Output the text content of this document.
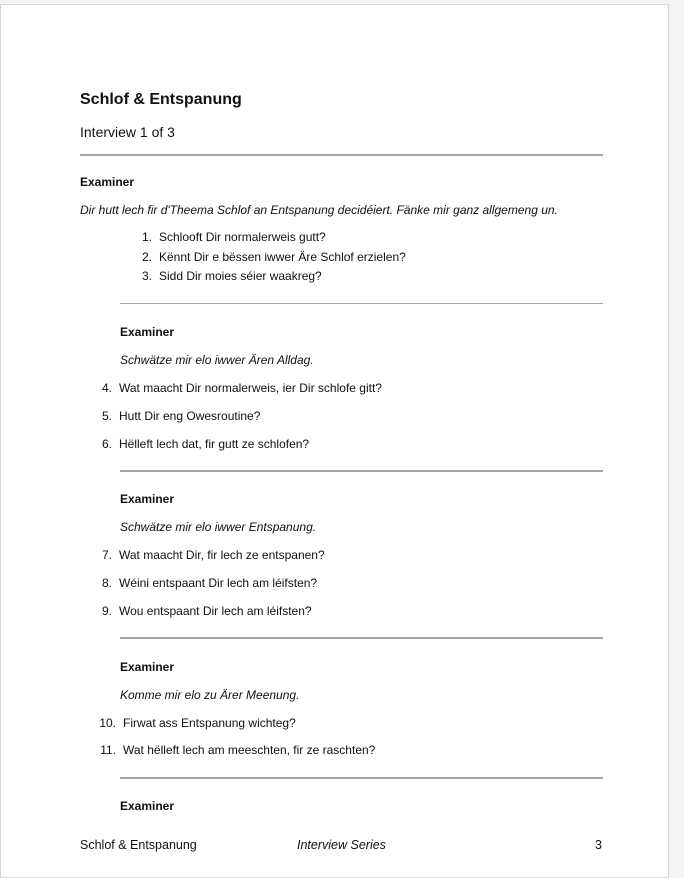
Schlof & Entspanung
Interview 1 of 3
Examiner
Dir hutt lech fir d'Theema Schlof an Entspanung decidéiert. Fänke mir ganz allgemeng un.
1. Schlooft Dir normalerweis gutt?
2. Kënnt Dir e bëssen iwwer Äre Schlof erzielen?
3. Sidd Dir moies séier waakreg?
Examiner
Schwätze mir elo iwwer Ären Alldag.
4. Wat maacht Dir normalerweis, ier Dir schlofe gitt?
5. Hutt Dir eng Owesroutine?
6. Hëlleft lech dat, fir gutt ze schlofen?
Examiner
Schwätze mir elo iwwer Entspanung.
7. Wat maacht Dir, fir lech ze entspanen?
8. Wéini entspaant Dir lech am léifsten?
9. Wou entspaant Dir lech am léifsten?
Examiner
Komme mir elo zu Ärer Meenung.
10. Firwat ass Entspanung wichteg?
11. Wat hëlleft lech am meeschten, fir ze raschten?
Examiner
Schlof & Entspanung	Interview Series	3
